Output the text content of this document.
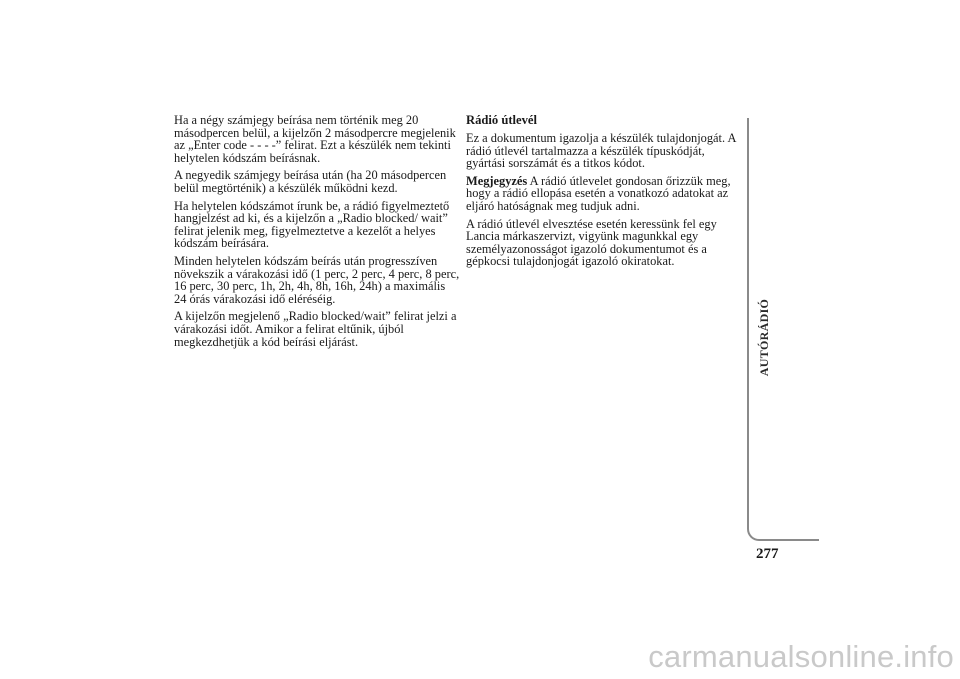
Ha a négy számjegy beírása nem történik meg 20 másodpercen belül, a kijelzőn 2 másodpercre megjelenik az „Enter code - - - -” felirat. Ezt a készülék nem tekinti helytelen kódszám beírásnak.

A negyedik számjegy beírása után (ha 20 másodpercen belül megtörténik) a készülék működni kezd.

Ha helytelen kódszámot írunk be, a rádió figyelmeztető hangjelzést ad ki, és a kijelzőn a „Radio blocked/ wait” felirat jelenik meg, figyelmeztetve a kezelőt a helyes kódszám beírására.

Minden helytelen kódszám beírás után progresszíven növekszik a várakozási idő (1 perc, 2 perc, 4 perc, 8 perc, 16 perc, 30 perc, 1h, 2h, 4h, 8h, 16h, 24h) a maximális 24 órás várakozási idő eléréséig.

A kijelzőn megjelenő „Radio blocked/wait” felirat jelzi a várakozási időt. Amikor a felirat eltűnik, újból megkezdhetjük a kód beírási eljárást.

Rádió útlevél

Ez a dokumentum igazolja a készülék tulajdonjogát. A rádió útlevél tartalmazza a készülék típuskódját, gyártási sorszámát és a titkos kódot.

Megjegyzés A rádió útlevelet gondosan őrizzük meg, hogy a rádió ellopása esetén a vonatkozó adatokat az eljáró hatóságnak meg tudjuk adni.

A rádió útlevél elvesztése esetén keressünk fel egy Lancia márkaszervizt, vigyünk magunkkal egy személyazonosságot igazoló dokumentumot és a gépkocsi tulajdonjogát igazoló okiratokat.

AUTÓRÁDIÓ
277
carmanualsonline.info
